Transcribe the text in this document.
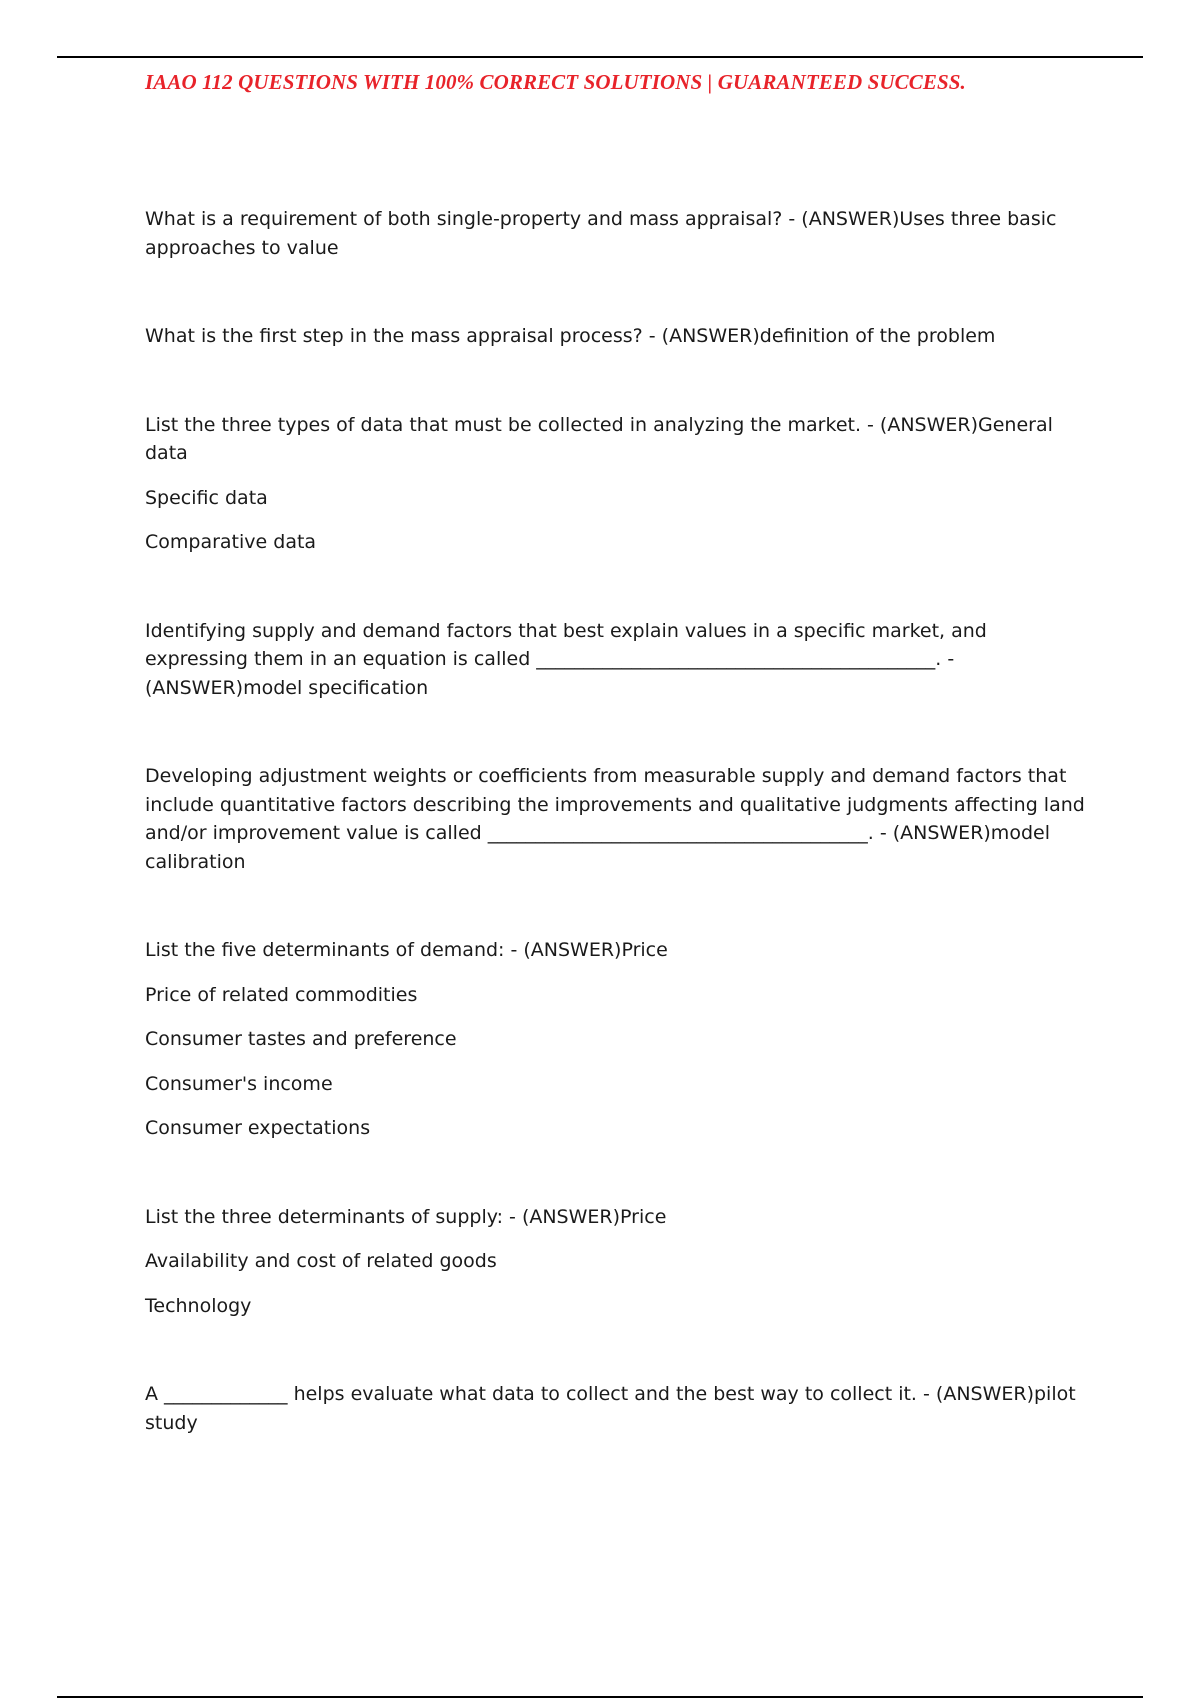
IAAO 112 QUESTIONS WITH 100% CORRECT SOLUTIONS | GUARANTEED SUCCESS.

What is a requirement of both single-property and mass appraisal? - (ANSWER)Uses three basic approaches to value

What is the first step in the mass appraisal process? - (ANSWER)definition of the problem

List the three types of data that must be collected in analyzing the market. - (ANSWER)General data

Specific data

Comparative data

Identifying supply and demand factors that best explain values in a specific market, and expressing them in an equation is called __________________________________________. - (ANSWER)model specification

Developing adjustment weights or coefficients from measurable supply and demand factors that include quantitative factors describing the improvements and qualitative judgments affecting land and/or improvement value is called ________________________________________. - (ANSWER)model calibration

List the five determinants of demand: - (ANSWER)Price

Price of related commodities

Consumer tastes and preference

Consumer's income

Consumer expectations

List the three determinants of supply: - (ANSWER)Price

Availability and cost of related goods

Technology

A _____________ helps evaluate what data to collect and the best way to collect it. - (ANSWER)pilot study
